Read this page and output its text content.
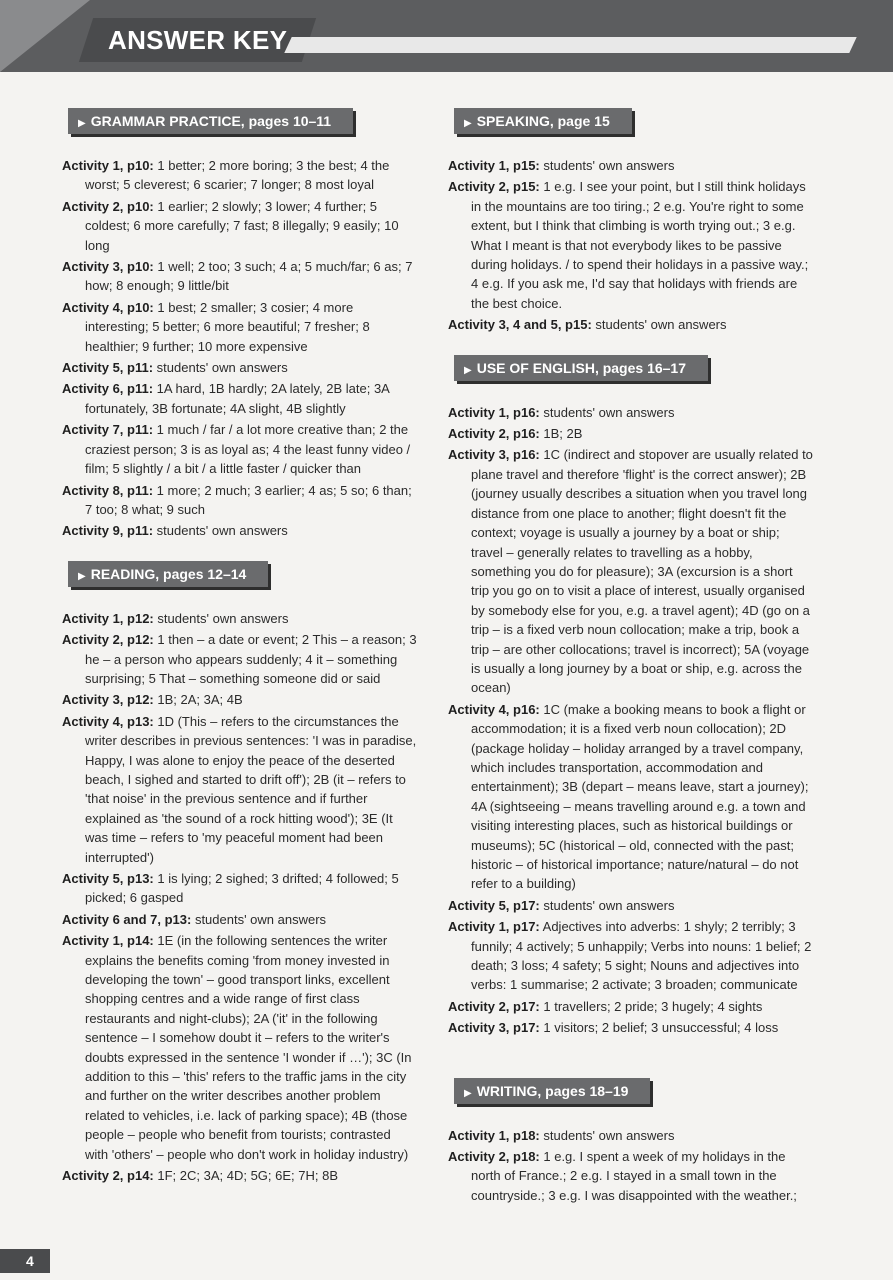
ANSWER KEY
▶ GRAMMAR PRACTICE, pages 10–11
Activity 1, p10: 1 better; 2 more boring; 3 the best; 4 the worst; 5 cleverest; 6 scarier; 7 longer; 8 most loyal
Activity 2, p10: 1 earlier; 2 slowly; 3 lower; 4 further; 5 coldest; 6 more carefully; 7 fast; 8 illegally; 9 easily; 10 long
Activity 3, p10: 1 well; 2 too; 3 such; 4 a; 5 much/far; 6 as; 7 how; 8 enough; 9 little/bit
Activity 4, p10: 1 best; 2 smaller; 3 cosier; 4 more interesting; 5 better; 6 more beautiful; 7 fresher; 8 healthier; 9 further; 10 more expensive
Activity 5, p11: students' own answers
Activity 6, p11: 1A hard, 1B hardly; 2A lately, 2B late; 3A fortunately, 3B fortunate; 4A slight, 4B slightly
Activity 7, p11: 1 much / far / a lot more creative than; 2 the craziest person; 3 is as loyal as; 4 the least funny video / film; 5 slightly / a bit / a little faster / quicker than
Activity 8, p11: 1 more; 2 much; 3 earlier; 4 as; 5 so; 6 than; 7 too; 8 what; 9 such
Activity 9, p11: students' own answers
▶ READING, pages 12–14
Activity 1, p12: students' own answers
Activity 2, p12: 1 then – a date or event; 2 This – a reason; 3 he – a person who appears suddenly; 4 it – something surprising; 5 That – something someone did or said
Activity 3, p12: 1B; 2A; 3A; 4B
Activity 4, p13: 1D (This – refers to the circumstances the writer describes in previous sentences: 'I was in paradise, Happy, I was alone to enjoy the peace of the deserted beach, I sighed and started to drift off'); 2B (it – refers to 'that noise' in the previous sentence and if further explained as 'the sound of a rock hitting wood'); 3E (It was time – refers to 'my peaceful moment had been interrupted')
Activity 5, p13: 1 is lying; 2 sighed; 3 drifted; 4 followed; 5 picked; 6 gasped
Activity 6 and 7, p13: students' own answers
Activity 1, p14: 1E (in the following sentences the writer explains the benefits coming 'from money invested in developing the town' – good transport links, excellent shopping centres and a wide range of first class restaurants and night-clubs); 2A ('it' in the following sentence – I somehow doubt it – refers to the writer's doubts expressed in the sentence 'I wonder if …'); 3C (In addition to this – 'this' refers to the traffic jams in the city and further on the writer describes another problem related to vehicles, i.e. lack of parking space); 4B (those people – people who benefit from tourists; contrasted with 'others' – people who don't work in holiday industry)
Activity 2, p14: 1F; 2C; 3A; 4D; 5G; 6E; 7H; 8B
▶ SPEAKING, page 15
Activity 1, p15: students' own answers
Activity 2, p15: 1 e.g. I see your point, but I still think holidays in the mountains are too tiring.; 2 e.g. You're right to some extent, but I think that climbing is worth trying out.; 3 e.g. What I meant is that not everybody likes to be passive during holidays. / to spend their holidays in a passive way.; 4 e.g. If you ask me, I'd say that holidays with friends are the best choice.
Activity 3, 4 and 5, p15: students' own answers
▶ USE OF ENGLISH, pages 16–17
Activity 1, p16: students' own answers
Activity 2, p16: 1B; 2B
Activity 3, p16: 1C (indirect and stopover are usually related to plane travel and therefore 'flight' is the correct answer); 2B (journey usually describes a situation when you travel long distance from one place to another; flight doesn't fit the context; voyage is usually a journey by a boat or ship; travel – generally relates to travelling as a hobby, something you do for pleasure); 3A (excursion is a short trip you go on to visit a place of interest, usually organised by somebody else for you, e.g. a travel agent); 4D (go on a trip – is a fixed verb noun collocation; make a trip, book a trip – are other collocations; travel is incorrect); 5A (voyage is usually a long journey by a boat or ship, e.g. across the ocean)
Activity 4, p16: 1C (make a booking means to book a flight or accommodation; it is a fixed verb noun collocation); 2D (package holiday – holiday arranged by a travel company, which includes transportation, accommodation and entertainment); 3B (depart – means leave, start a journey); 4A (sightseeing – means travelling around e.g. a town and visiting interesting places, such as historical buildings or museums); 5C (historical – old, connected with the past; historic – of historical importance; nature/natural – do not refer to a building)
Activity 5, p17: students' own answers
Activity 1, p17: Adjectives into adverbs: 1 shyly; 2 terribly; 3 funnily; 4 actively; 5 unhappily; Verbs into nouns: 1 belief; 2 death; 3 loss; 4 safety; 5 sight; Nouns and adjectives into verbs: 1 summarise; 2 activate; 3 broaden; communicate
Activity 2, p17: 1 travellers; 2 pride; 3 hugely; 4 sights
Activity 3, p17: 1 visitors; 2 belief; 3 unsuccessful; 4 loss
▶ WRITING, pages 18–19
Activity 1, p18: students' own answers
Activity 2, p18: 1 e.g. I spent a week of my holidays in the north of France.; 2 e.g. I stayed in a small town in the countryside.; 3 e.g. I was disappointed with the weather.;
4
